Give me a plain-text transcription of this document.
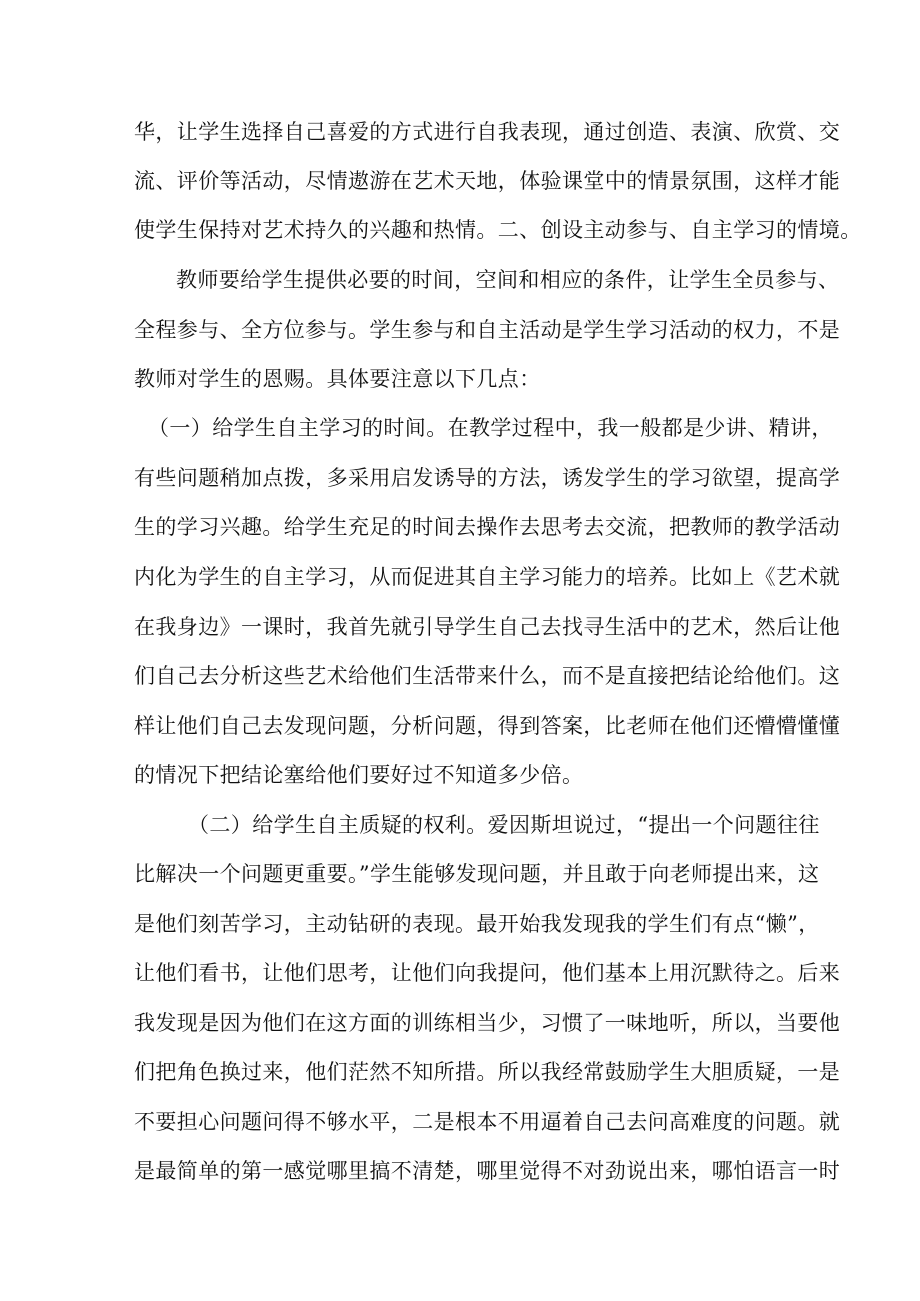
华，让学生选择自己喜爱的方式进行自我表现，通过创造、表演、欣赏、交

流、评价等活动，尽情遨游在艺术天地，体验课堂中的情景氛围，这样才能

使学生保持对艺术持久的兴趣和热情。二、创设主动参与、自主学习的情境。

教师要给学生提供必要的时间，空间和相应的条件，让学生全员参与、

全程参与、全方位参与。学生参与和自主活动是学生学习活动的权力，不是

教师对学生的恩赐。具体要注意以下几点：

（一）给学生自主学习的时间。在教学过程中，我一般都是少讲、精讲，

有些问题稍加点拨，多采用启发诱导的方法，诱发学生的学习欲望，提高学

生的学习兴趣。给学生充足的时间去操作去思考去交流，把教师的教学活动

内化为学生的自主学习，从而促进其自主学习能力的培养。比如上《艺术就

在我身边》一课时，我首先就引导学生自己去找寻生活中的艺术，然后让他

们自己去分析这些艺术给他们生活带来什么，而不是直接把结论给他们。这

样让他们自己去发现问题，分析问题，得到答案，比老师在他们还懵懵懂懂

的情况下把结论塞给他们要好过不知道多少倍。

（二）给学生自主质疑的权利。爱因斯坦说过，“提出一个问题往往

比解决一个问题更重要。”学生能够发现问题，并且敢于向老师提出来，这

是他们刻苦学习，主动钻研的表现。最开始我发现我的学生们有点“懒”，

让他们看书，让他们思考，让他们向我提问，他们基本上用沉默待之。后来

我发现是因为他们在这方面的训练相当少，习惯了一味地听，所以，当要他

们把角色换过来，他们茫然不知所措。所以我经常鼓励学生大胆质疑，一是

不要担心问题问得不够水平，二是根本不用逼着自己去问高难度的问题。就

是最简单的第一感觉哪里搞不清楚，哪里觉得不对劲说出来，哪怕语言一时
